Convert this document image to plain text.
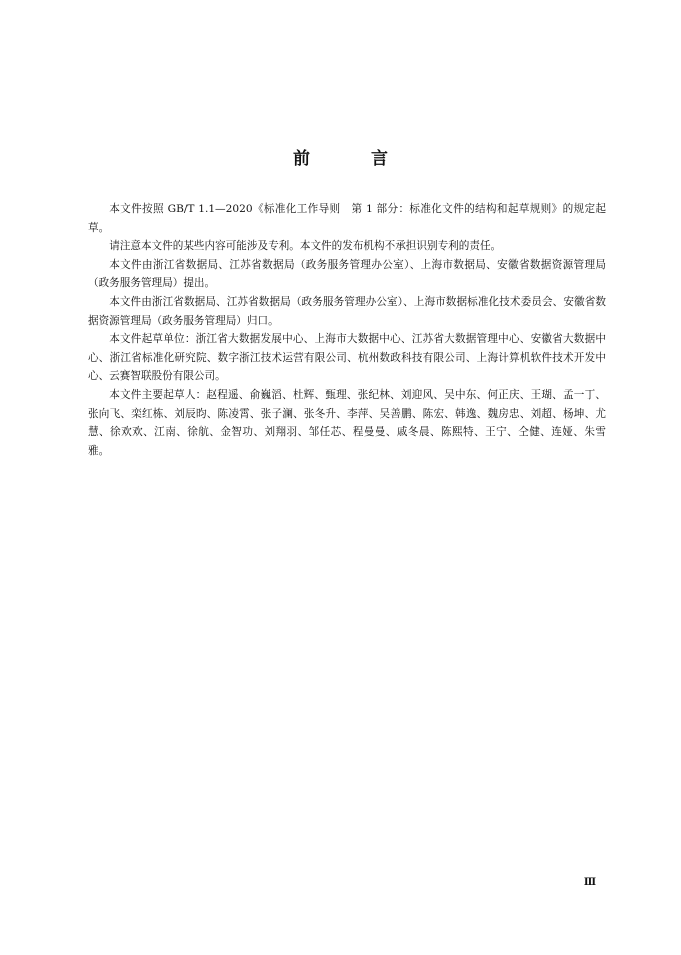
前　言

本文件按照 GB/T 1.1—2020《标准化工作导则　第 1 部分：标准化文件的结构和起草规则》的规定起草。

请注意本文件的某些内容可能涉及专利。本文件的发布机构不承担识别专利的责任。

本文件由浙江省数据局、江苏省数据局（政务服务管理办公室）、上海市数据局、安徽省数据资源管理局（政务服务管理局）提出。

本文件由浙江省数据局、江苏省数据局（政务服务管理办公室）、上海市数据标准化技术委员会、安徽省数据资源管理局（政务服务管理局）归口。

本文件起草单位：浙江省大数据发展中心、上海市大数据中心、江苏省大数据管理中心、安徽省大数据中心、浙江省标准化研究院、数字浙江技术运营有限公司、杭州数政科技有限公司、上海计算机软件技术开发中心、云赛智联股份有限公司。

本文件主要起草人：赵程遥、俞巍滔、杜辉、甄理、张纪林、刘迎风、吴中东、何正庆、王瑚、孟一丁、张向飞、栾红栋、刘辰昀、陈凌霄、张子澜、张冬升、李萍、吴善鹏、陈宏、韩逸、魏房忠、刘超、杨坤、尤慧、徐欢欢、江南、徐航、金智功、刘翔羽、邹任芯、程曼曼、戚冬晨、陈熙特、王宁、仝健、连娅、朱雪雅。

Ⅲ
